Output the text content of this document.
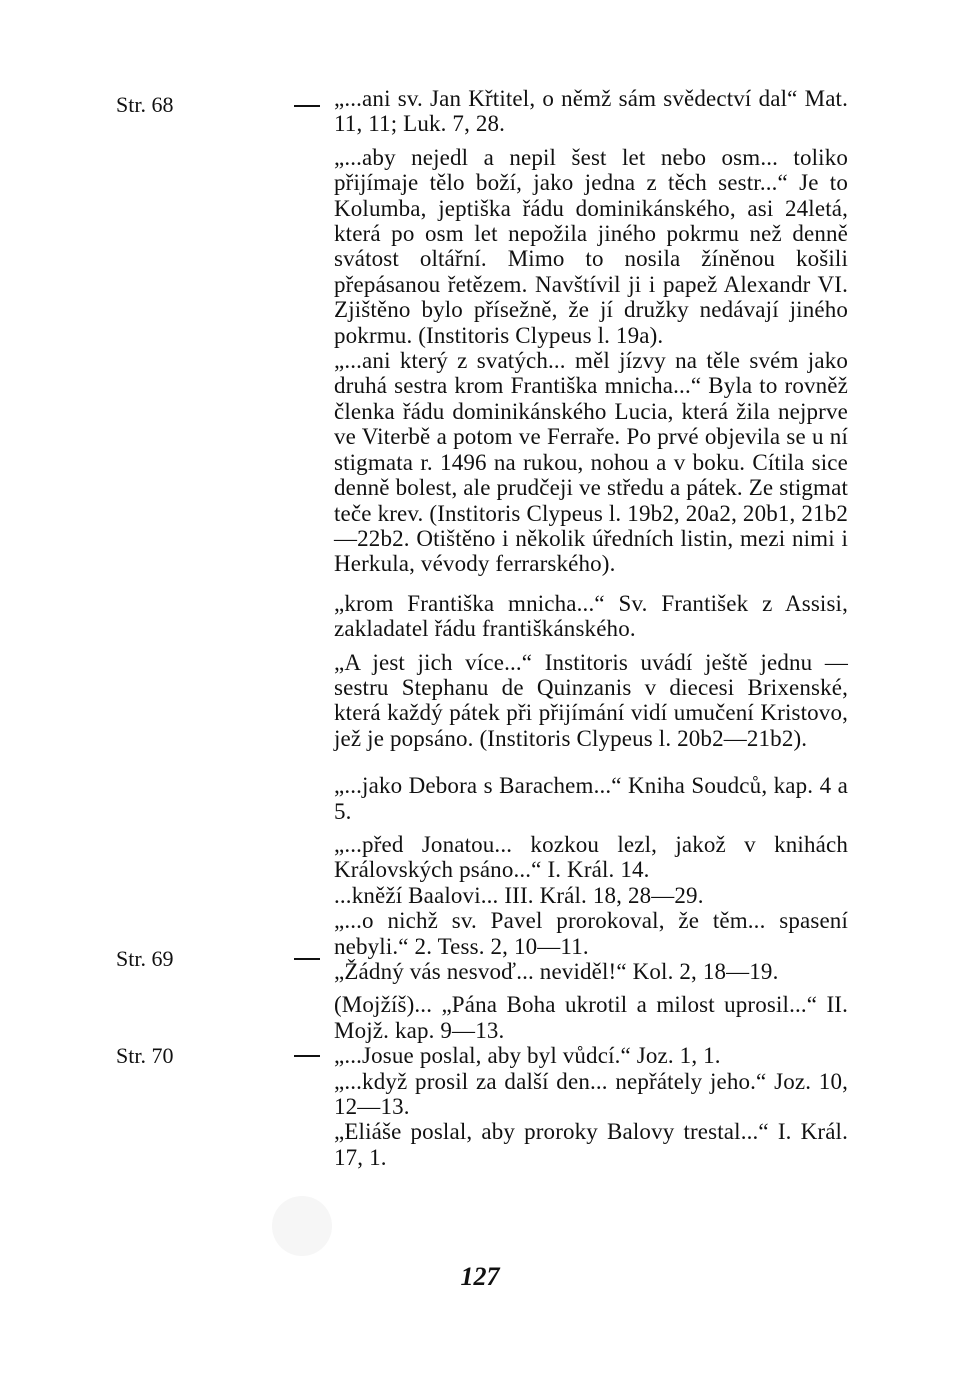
Str. 68
Str. 69
Str. 70

„...ani sv. Jan Křtitel, o němž sám svědectví dal“ Mat. 11, 11; Luk. 7, 28.

„...aby nejedl a nepil šest let nebo osm... toliko přijímaje tělo boží, jako jedna z těch sestr...“ Je to Kolumba, jeptiška řádu dominikánského, asi 24letá, která po osm let nepožila jiného pokrmu než denně svátost oltářní. Mimo to nosila žíněnou košili přepásanou řetězem. Navštívil ji i papež Alexandr VI. Zjištěno bylo přísežně, že jí družky nedávají jiného pokrmu. (Institoris Clypeus l. 19a).

„...ani který z svatých... měl jízvy na těle svém jako druhá sestra krom Františka mnicha...“ Byla to rovněž členka řádu dominikánského Lucia, která žila nejprve ve Viterbě a potom ve Ferraře. Po prvé objevila se u ní stigmata r. 1496 na rukou, nohou a v boku. Cítila sice denně bolest, ale prudčeji ve středu a pátek. Ze stigmat teče krev. (Institoris Clypeus l. 19b2, 20a2, 20b1, 21b2—22b2. Otištěno i několik úředních listin, mezi nimi i Herkula, vévody ferrarského).

„krom Františka mnicha...“ Sv. František z Assisi, zakladatel řádu františkánského.

„A jest jich více...“ Institoris uvádí ještě jednu — sestru Stephanu de Quinzanis v diecesi Brixenské, která každý pátek při přijímání vidí umučení Kristovo, jež je popsáno. (Institoris Clypeus l. 20b2—21b2).

„...jako Debora s Barachem...“ Kniha Soudců, kap. 4 a 5.

„...před Jonatou... kozkou lezl, jakož v knihách Královských psáno...“ I. Král. 14.

...kněží Baalovi... III. Král. 18, 28—29.

„...o nichž sv. Pavel prorokoval, že těm... spasení nebyli.“ 2. Tess. 2, 10—11.

„Žádný vás nesvoď... neviděl!“ Kol. 2, 18—19.

(Mojžíš)... „Pána Boha ukrotil a milost uprosil...“ II. Mojž. kap. 9—13.

„...Josue poslal, aby byl vůdcí.“ Joz. 1, 1.

„...když prosil za další den... nepřátely jeho.“ Joz. 10, 12—13.

„Eliáše poslal, aby proroky Balovy trestal...“ I. Král. 17, 1.

127
